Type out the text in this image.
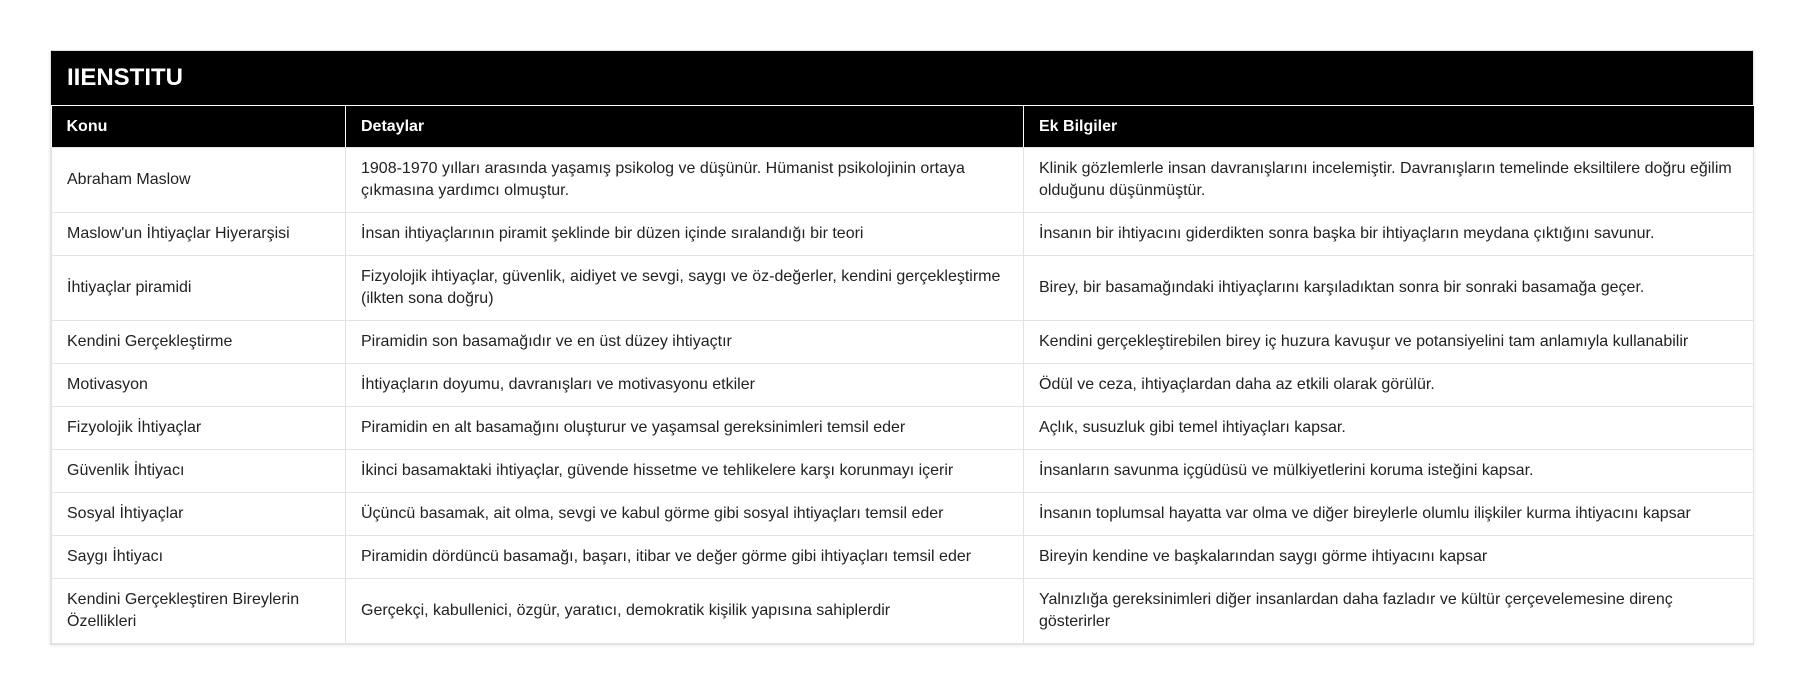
IIENSTITU
Konu	Detaylar	Ek Bilgiler
Abraham Maslow	1908-1970 yılları arasında yaşamış psikolog ve düşünür. Hümanist psikolojinin ortaya çıkmasına yardımcı olmuştur.	Klinik gözlemlerle insan davranışlarını incelemiştir. Davranışların temelinde eksiltilere doğru eğilim olduğunu düşünmüştür.
Maslow'un İhtiyaçlar Hiyerarşisi	İnsan ihtiyaçlarının piramit şeklinde bir düzen içinde sıralandığı bir teori	İnsanın bir ihtiyacını giderdikten sonra başka bir ihtiyaçların meydana çıktığını savunur.
İhtiyaçlar piramidi	Fizyolojik ihtiyaçlar, güvenlik, aidiyet ve sevgi, saygı ve öz-değerler, kendini gerçekleştirme (ilkten sona doğru)	Birey, bir basamağındaki ihtiyaçlarını karşıladıktan sonra bir sonraki basamağa geçer.
Kendini Gerçekleştirme	Piramidin son basamağıdır ve en üst düzey ihtiyaçtır	Kendini gerçekleştirebilen birey iç huzura kavuşur ve potansiyelini tam anlamıyla kullanabilir
Motivasyon	İhtiyaçların doyumu, davranışları ve motivasyonu etkiler	Ödül ve ceza, ihtiyaçlardan daha az etkili olarak görülür.
Fizyolojik İhtiyaçlar	Piramidin en alt basamağını oluşturur ve yaşamsal gereksinimleri temsil eder	Açlık, susuzluk gibi temel ihtiyaçları kapsar.
Güvenlik İhtiyacı	İkinci basamaktaki ihtiyaçlar, güvende hissetme ve tehlikelere karşı korunmayı içerir	İnsanların savunma içgüdüsü ve mülkiyetlerini koruma isteğini kapsar.
Sosyal İhtiyaçlar	Üçüncü basamak, ait olma, sevgi ve kabul görme gibi sosyal ihtiyaçları temsil eder	İnsanın toplumsal hayatta var olma ve diğer bireylerle olumlu ilişkiler kurma ihtiyacını kapsar
Saygı İhtiyacı	Piramidin dördüncü basamağı, başarı, itibar ve değer görme gibi ihtiyaçları temsil eder	Bireyin kendine ve başkalarından saygı görme ihtiyacını kapsar
Kendini Gerçekleştiren Bireylerin Özellikleri	Gerçekçi, kabullenici, özgür, yaratıcı, demokratik kişilik yapısına sahiplerdir	Yalnızlığa gereksinimleri diğer insanlardan daha fazladır ve kültür çerçevelemesine direnç gösterirler
